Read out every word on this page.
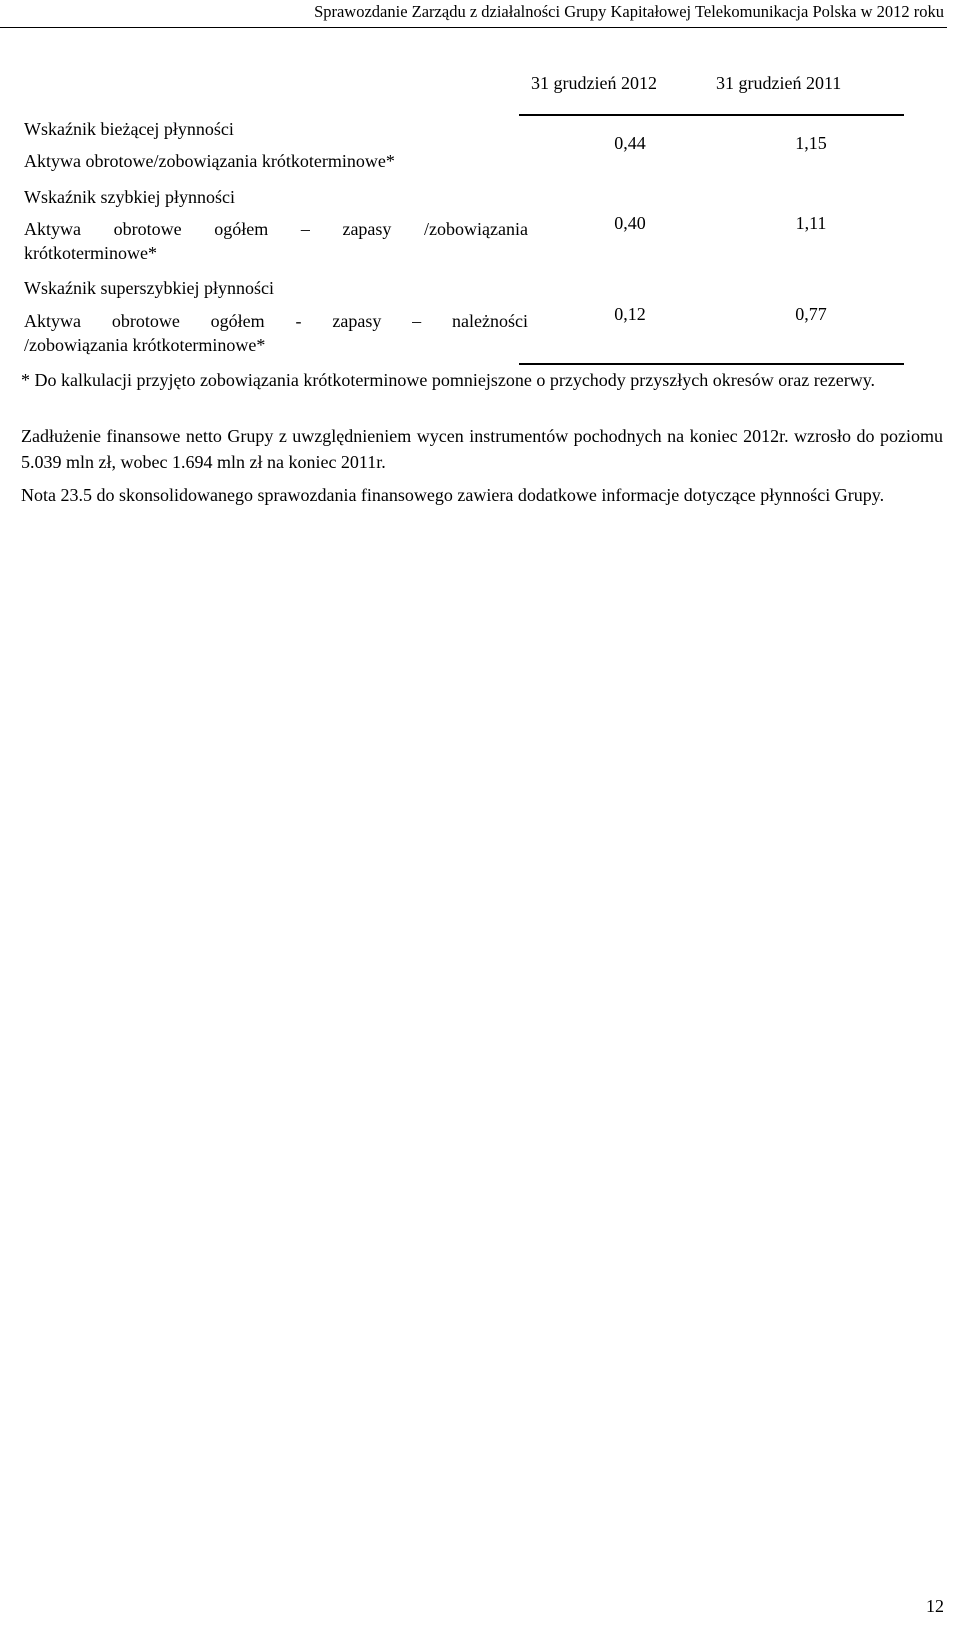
Sprawozdanie Zarządu z działalności Grupy Kapitałowej Telekomunikacja Polska w 2012 roku
31 grudzień 2012	31 grudzień 2011
Wskaźnik bieżącej płynności
Aktywa obrotowe/zobowiązania krótkoterminowe*
0,44	1,15
Wskaźnik szybkiej płynności
Aktywa obrotowe ogółem – zapasy /zobowiązania
krótkoterminowe*
0,40	1,11
Wskaźnik superszybkiej płynności
Aktywa obrotowe ogółem - zapasy – należności
/zobowiązania krótkoterminowe*
0,12	0,77
* Do kalkulacji przyjęto zobowiązania krótkoterminowe pomniejszone o przychody przyszłych okresów oraz rezerwy.
Zadłużenie finansowe netto Grupy z uwzględnieniem wycen instrumentów pochodnych na koniec 2012r. wzrosło do poziomu 5.039 mln zł, wobec 1.694 mln zł na koniec 2011r.
Nota 23.5 do skonsolidowanego sprawozdania finansowego zawiera dodatkowe informacje dotyczące płynności Grupy.
12
